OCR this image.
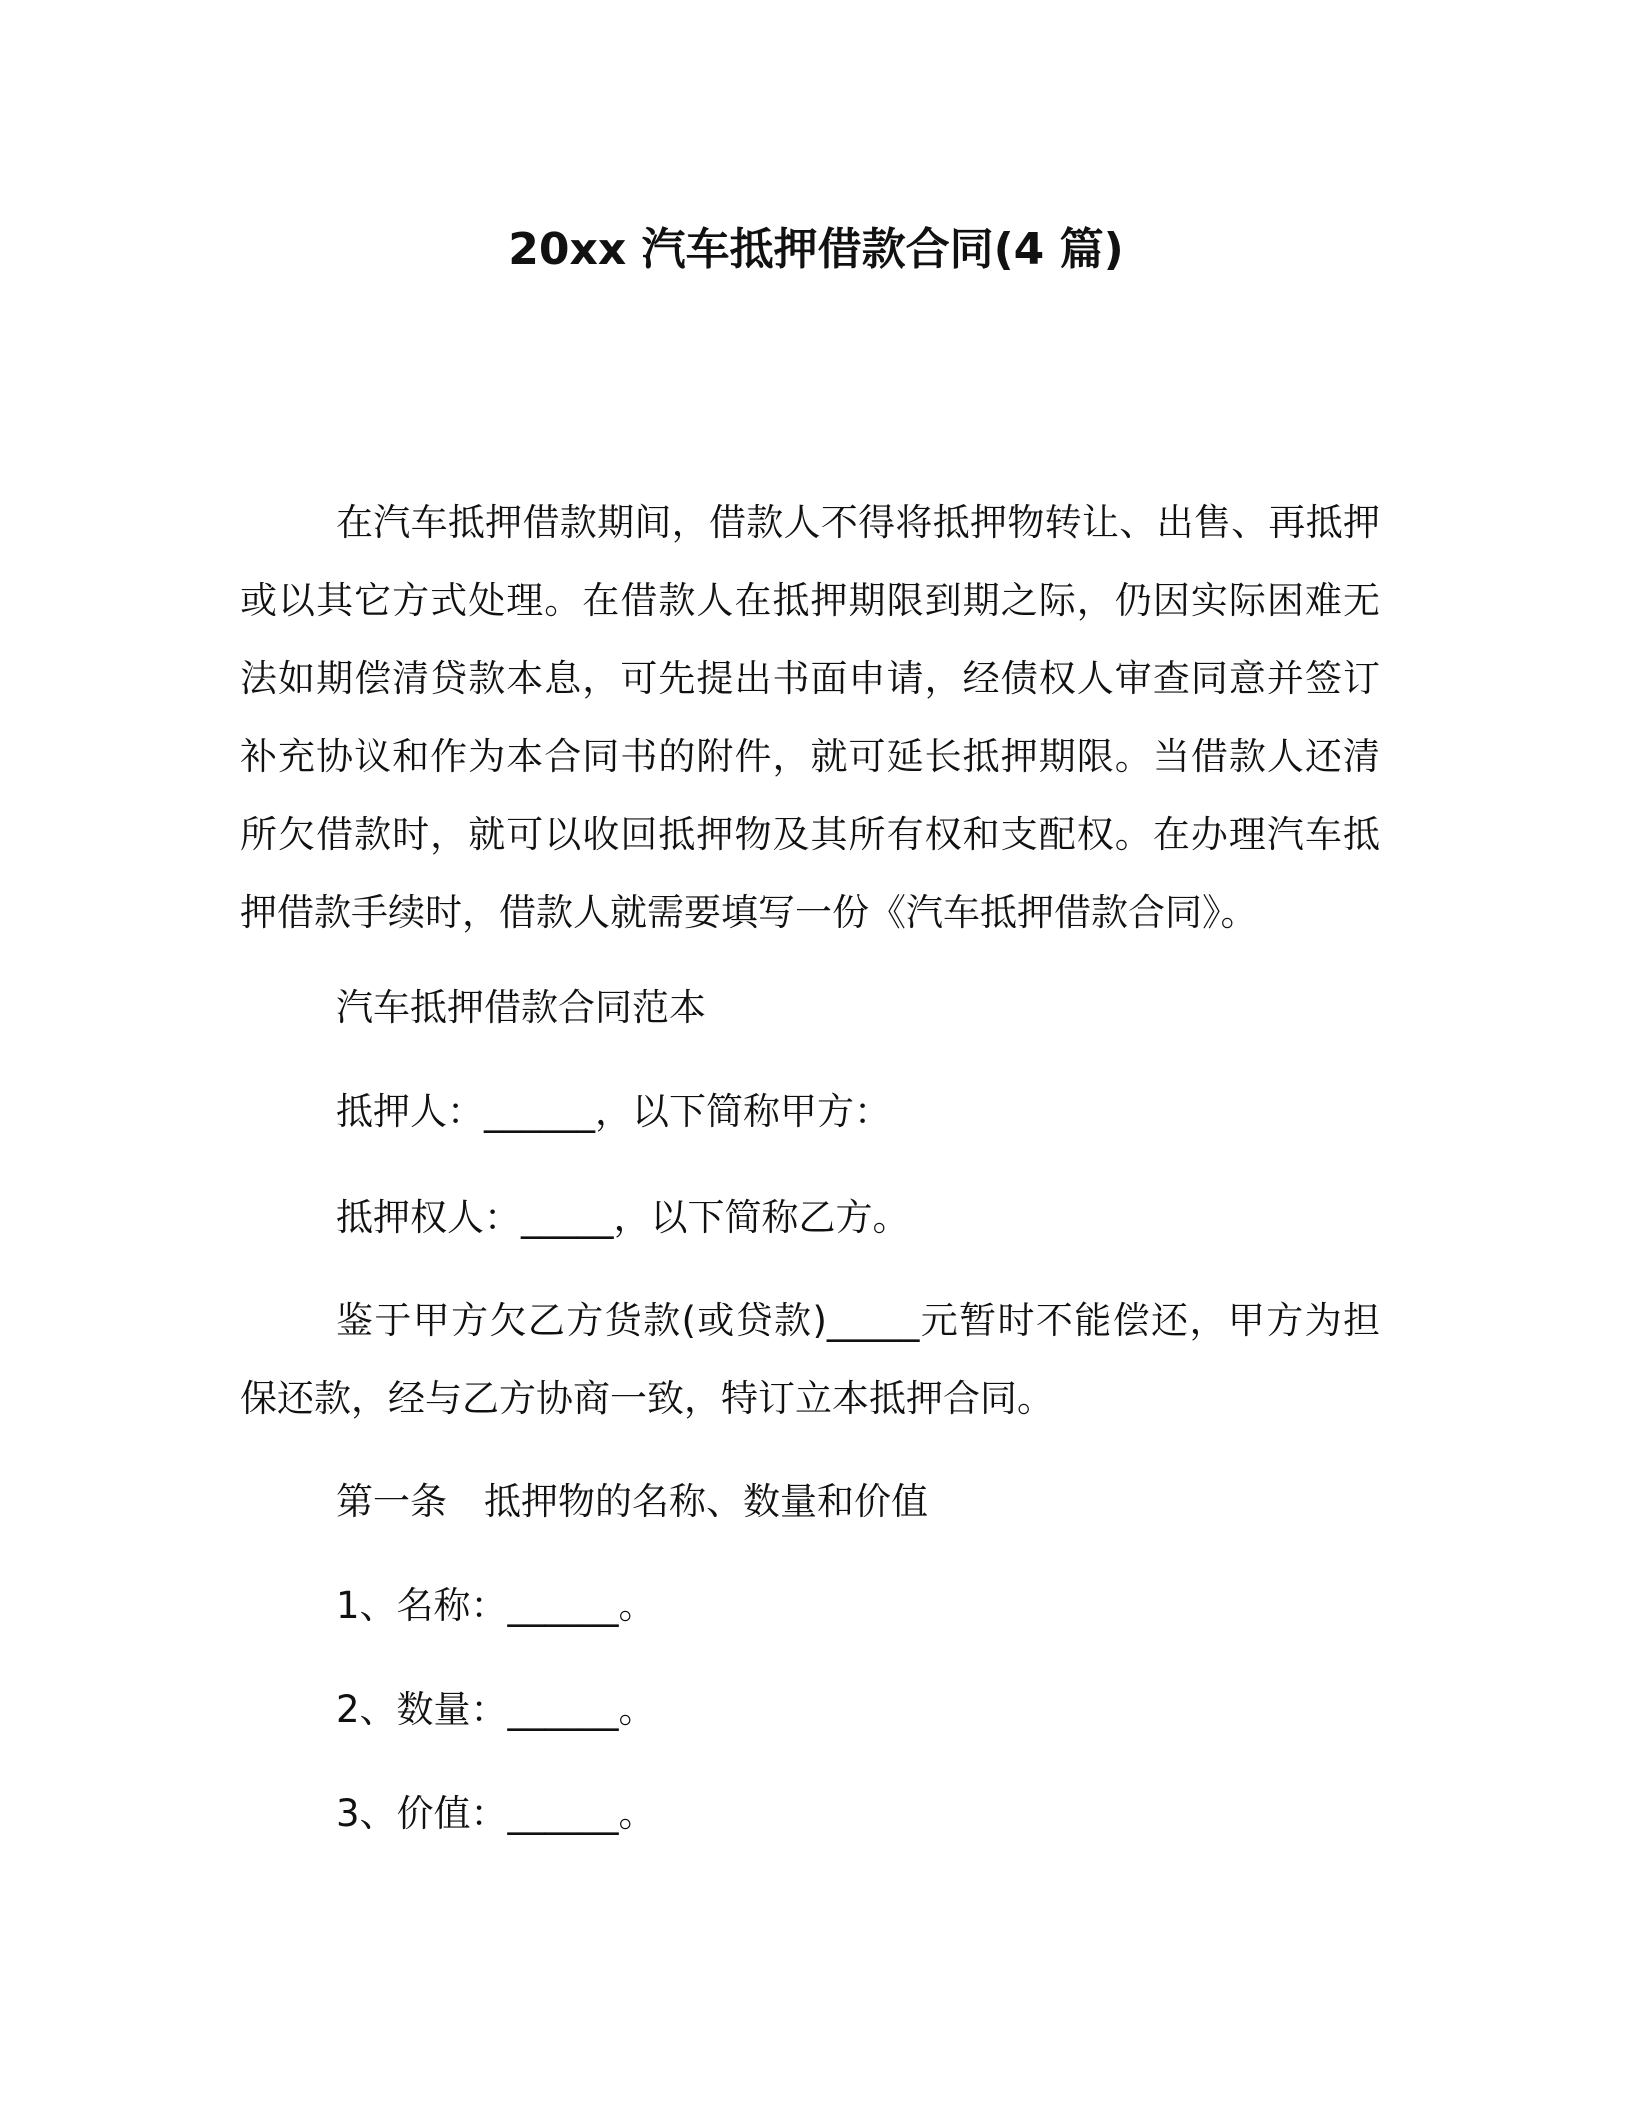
20xx 汽车抵押借款合同(4 篇)

在汽车抵押借款期间，借款人不得将抵押物转让、出售、再抵押或以其它方式处理。在借款人在抵押期限到期之际，仍因实际困难无法如期偿清贷款本息，可先提出书面申请，经债权人审查同意并签订补充协议和作为本合同书的附件，就可延长抵押期限。当借款人还清所欠借款时，就可以收回抵押物及其所有权和支配权。在办理汽车抵押借款手续时，借款人就需要填写一份《汽车抵押借款合同》。

汽车抵押借款合同范本

抵押人：______，以下简称甲方：

抵押权人：_____，以下简称乙方。

鉴于甲方欠乙方货款(或贷款)_____元暂时不能偿还，甲方为担保还款，经与乙方协商一致，特订立本抵押合同。

第一条　抵押物的名称、数量和价值

1、名称：______。

2、数量：______。

3、价值：______。
